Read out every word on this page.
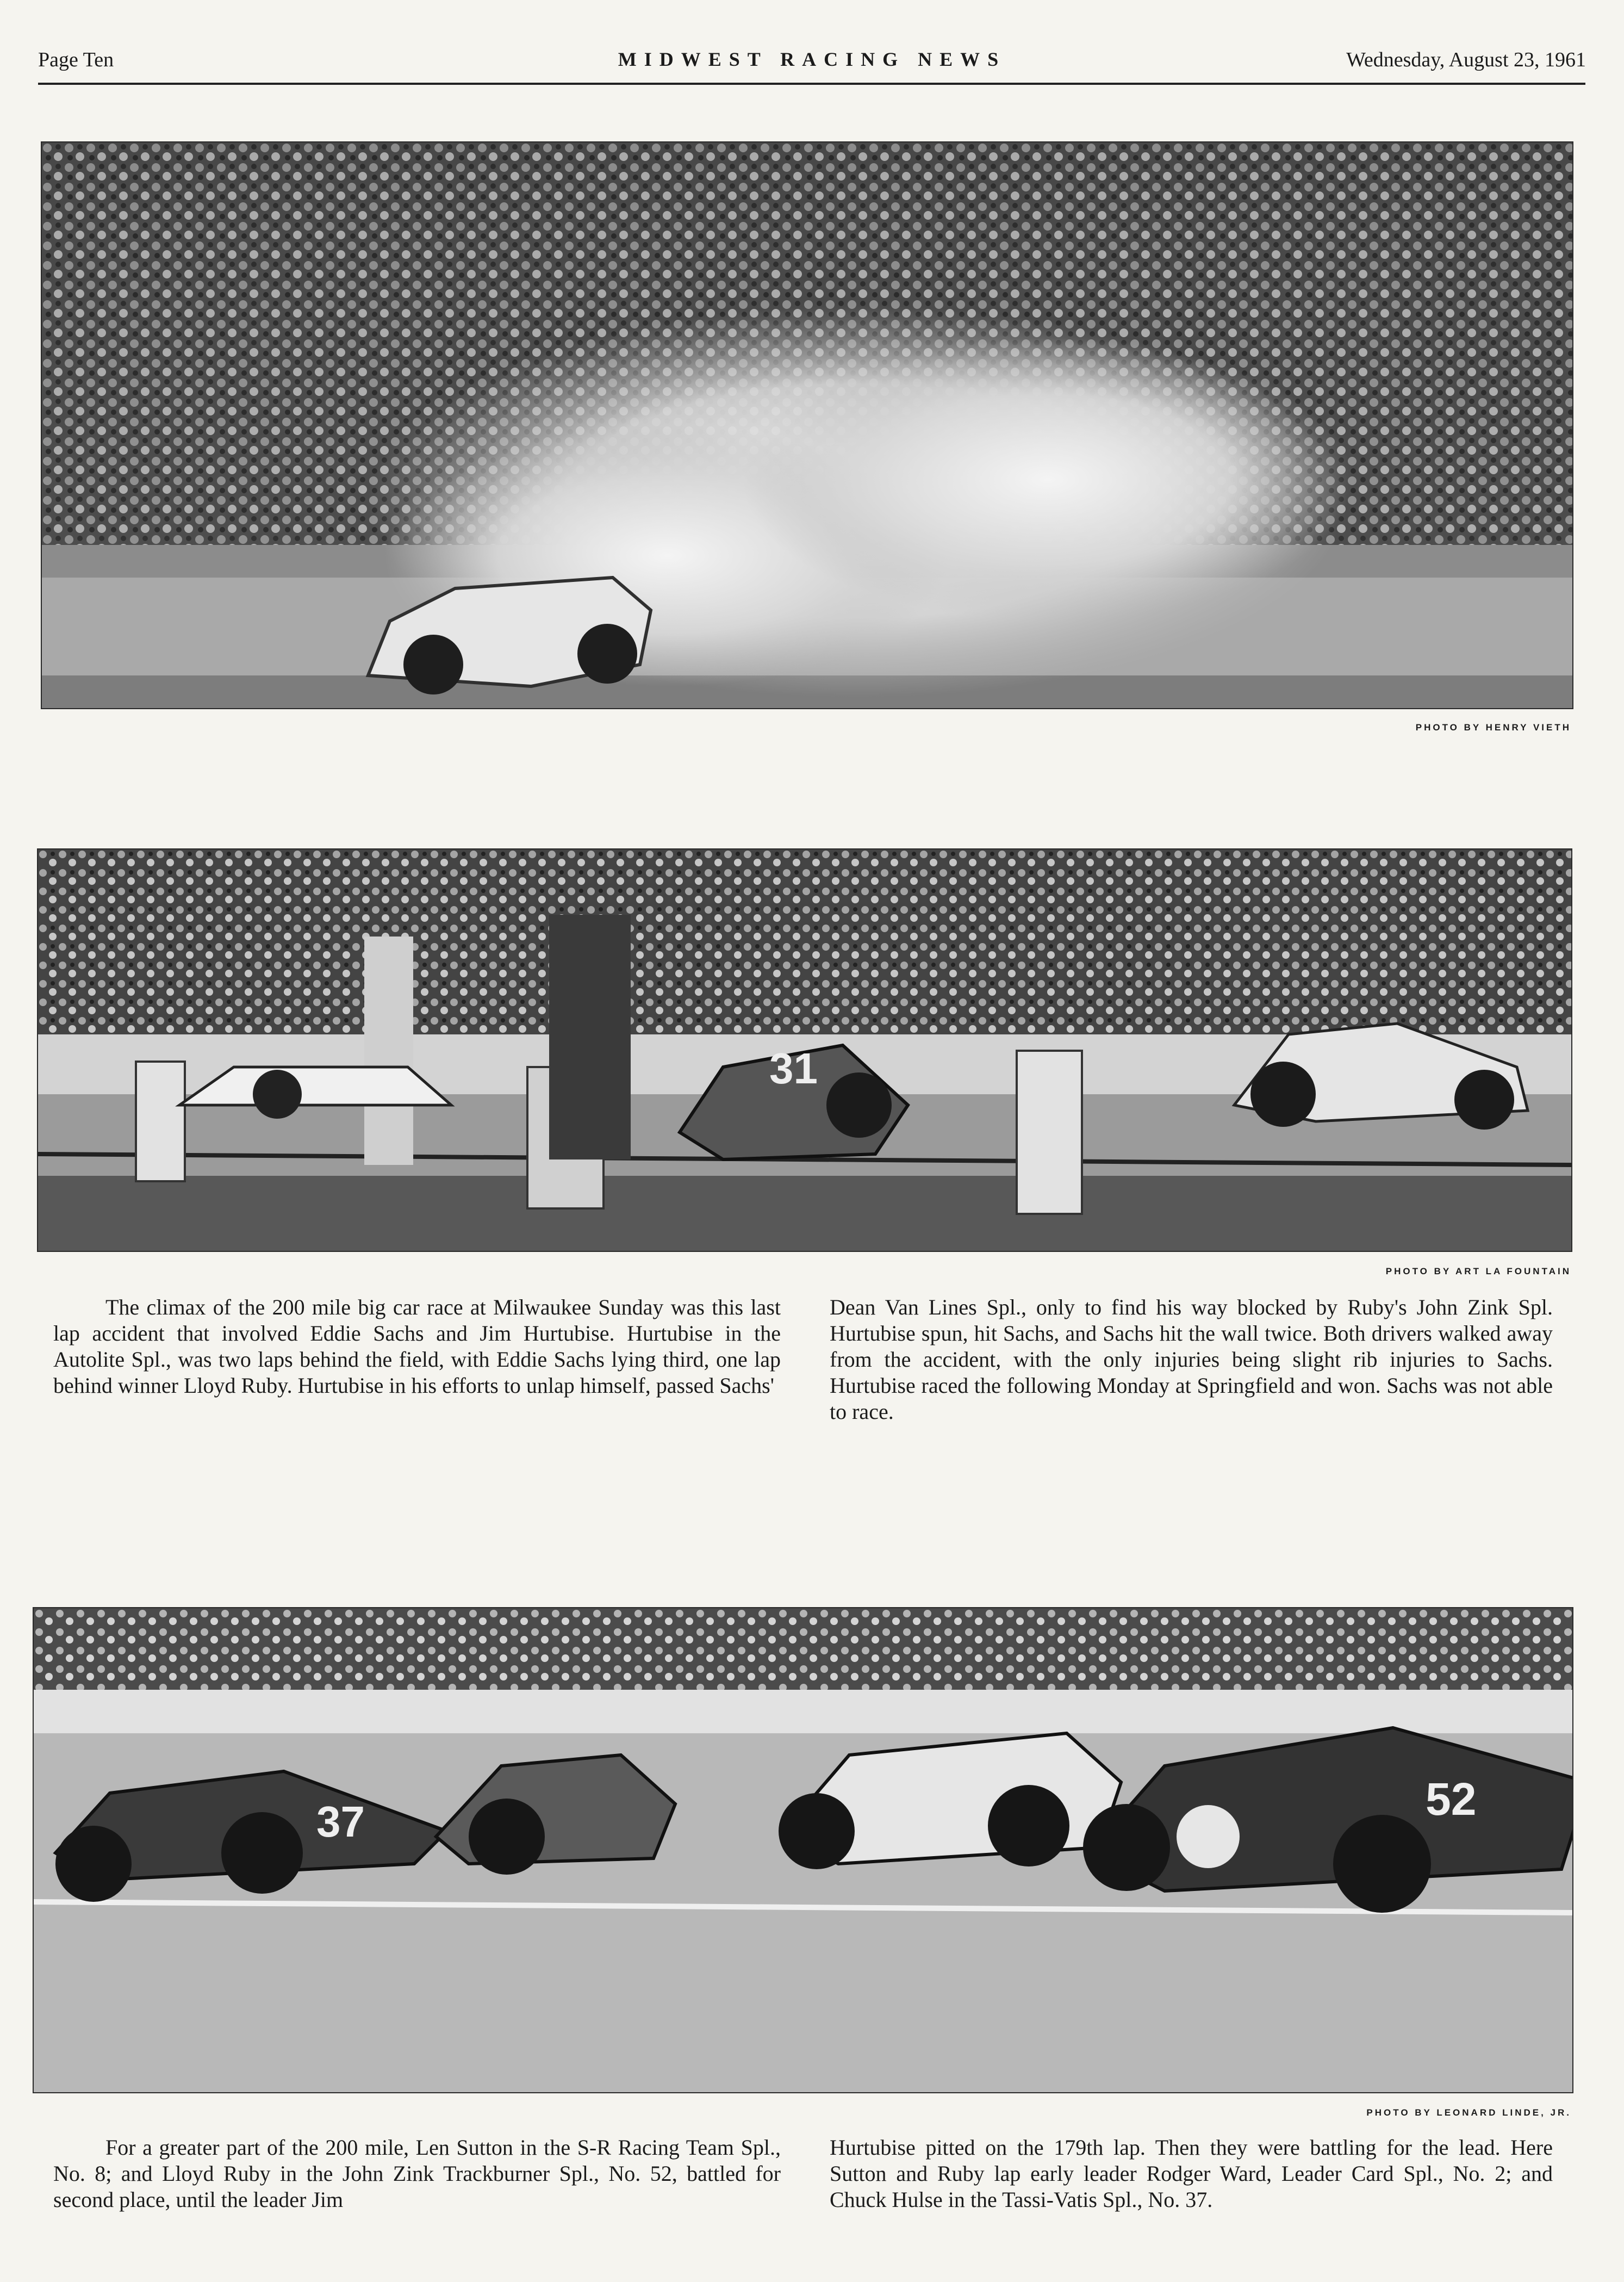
Page Ten	MIDWEST RACING NEWS	Wednesday, August 23, 1961
PHOTO BY HENRY VIETH
31
PHOTO BY ART LA FOUNTAIN
The climax of the 200 mile big car race at Milwaukee Sunday was this last lap accident that involved Eddie Sachs and Jim Hurtubise. Hurtubise in the Autolite Spl., was two laps behind the field, with Eddie Sachs lying third, one lap behind winner Lloyd Ruby. Hurtubise in his efforts to unlap himself, passed Sachs'
Dean Van Lines Spl., only to find his way blocked by Ruby's John Zink Spl. Hurtubise spun, hit Sachs, and Sachs hit the wall twice. Both drivers walked away from the accident, with the only injuries being slight rib injuries to Sachs. Hurtubise raced the following Monday at Springfield and won. Sachs was not able to race.
37	52
PHOTO BY LEONARD LINDE, JR.
For a greater part of the 200 mile, Len Sutton in the S-R Racing Team Spl., No. 8; and Lloyd Ruby in the John Zink Trackburner Spl., No. 52, battled for second place, until the leader Jim
Hurtubise pitted on the 179th lap. Then they were battling for the lead. Here Sutton and Ruby lap early leader Rodger Ward, Leader Card Spl., No. 2; and Chuck Hulse in the Tassi-Vatis Spl., No. 37.
